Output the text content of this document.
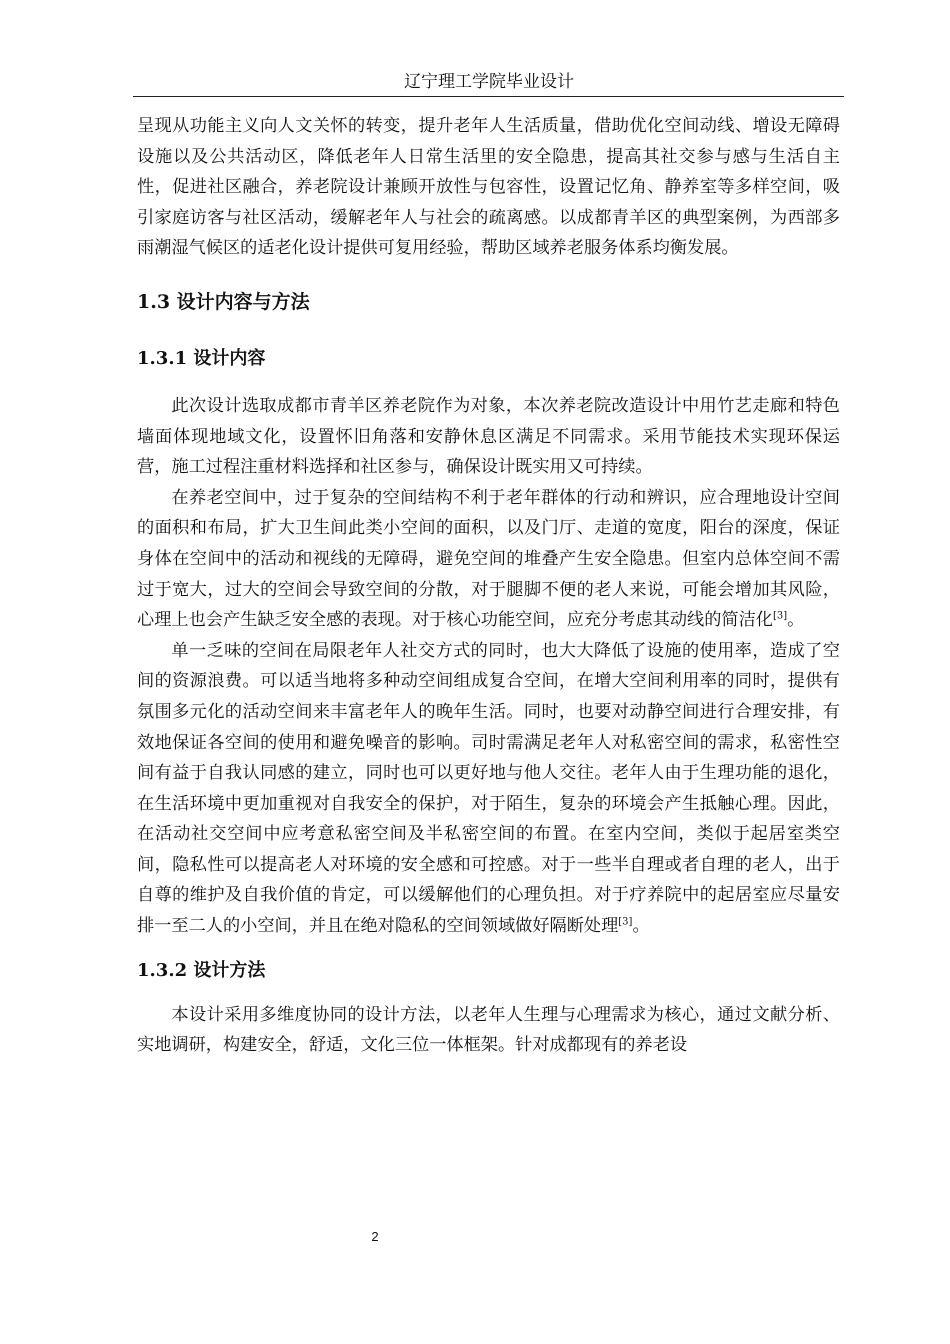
辽宁理工学院毕业设计

呈现从功能主义向人文关怀的转变，提升老年人生活质量，借助优化空间动线、增设无障碍设施以及公共活动区，降低老年人日常生活里的安全隐患，提高其社交参与感与生活自主性，促进社区融合，养老院设计兼顾开放性与包容性，设置记忆角、静养室等多样空间，吸引家庭访客与社区活动，缓解老年人与社会的疏离感。以成都青羊区的典型案例，为西部多雨潮湿气候区的适老化设计提供可复用经验，帮助区域养老服务体系均衡发展。

1.3 设计内容与方法
1.3.1 设计内容

此次设计选取成都市青羊区养老院作为对象，本次养老院改造设计中用竹艺走廊和特色墙面体现地域文化，设置怀旧角落和安静休息区满足不同需求。采用节能技术实现环保运营，施工过程注重材料选择和社区参与，确保设计既实用又可持续。

在养老空间中，过于复杂的空间结构不利于老年群体的行动和辨识，应合理地设计空间的面积和布局，扩大卫生间此类小空间的面积，以及门厅、走道的宽度，阳台的深度，保证身体在空间中的活动和视线的无障碍，避免空间的堆叠产生安全隐患。但室内总体空间不需过于宽大，过大的空间会导致空间的分散，对于腿脚不便的老人来说，可能会增加其风险，心理上也会产生缺乏安全感的表现。对于核心功能空间，应充分考虑其动线的简洁化[3]。

单一乏味的空间在局限老年人社交方式的同时，也大大降低了设施的使用率，造成了空间的资源浪费。可以适当地将多种动空间组成复合空间，在增大空间利用率的同时，提供有氛围多元化的活动空间来丰富老年人的晚年生活。同时，也要对动静空间进行合理安排，有效地保证各空间的使用和避免噪音的影响。司时需满足老年人对私密空间的需求，私密性空间有益于自我认同感的建立，同时也可以更好地与他人交往。老年人由于生理功能的退化，在生活环境中更加重视对自我安全的保护，对于陌生，复杂的环境会产生抵触心理。因此，在活动社交空间中应考意私密空间及半私密空间的布置。在室内空间，类似于起居室类空间，隐私性可以提高老人对环境的安全感和可控感。对于一些半自理或者自理的老人，出于自尊的维护及自我价值的肯定，可以缓解他们的心理负担。对于疗养院中的起居室应尽量安排一至二人的小空间，并且在绝对隐私的空间领域做好隔断处理[3]。

1.3.2 设计方法

本设计采用多维度协同的设计方法，以老年人生理与心理需求为核心，通过文献分析、实地调研，构建安全，舒适，文化三位一体框架。针对成都现有的养老设

2
